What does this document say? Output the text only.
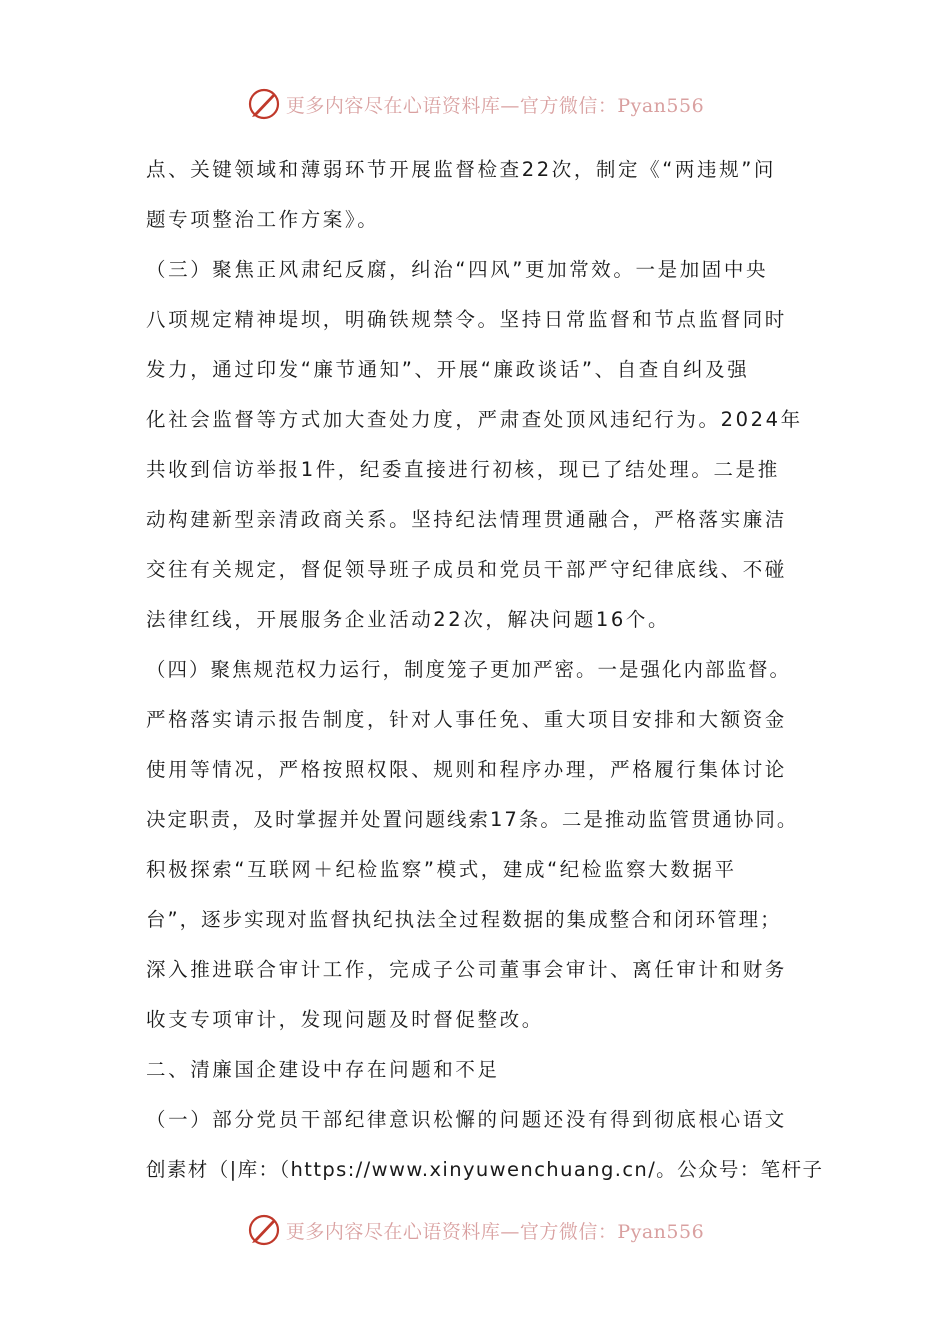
更多内容尽在心语资料库—官方微信：Pyan556
点、关键领域和薄弱环节开展监督检查22次，制定《“两违规”问
题专项整治工作方案》。
（三）聚焦正风肃纪反腐，纠治“四风”更加常效。一是加固中央
八项规定精神堤坝，明确铁规禁令。坚持日常监督和节点监督同时
发力，通过印发“廉节通知”、开展“廉政谈话”、自查自纠及强
化社会监督等方式加大查处力度，严肃查处顶风违纪行为。2024年
共收到信访举报1件，纪委直接进行初核，现已了结处理。二是推
动构建新型亲清政商关系。坚持纪法情理贯通融合，严格落实廉洁
交往有关规定，督促领导班子成员和党员干部严守纪律底线、不碰
法律红线，开展服务企业活动22次，解决问题16个。
（四）聚焦规范权力运行，制度笼子更加严密。一是强化内部监督。
严格落实请示报告制度，针对人事任免、重大项目安排和大额资金
使用等情况，严格按照权限、规则和程序办理，严格履行集体讨论
决定职责，及时掌握并处置问题线索17条。二是推动监管贯通协同。
积极探索“互联网＋纪检监察”模式，建成“纪检监察大数据平
台”，逐步实现对监督执纪执法全过程数据的集成整合和闭环管理；
深入推进联合审计工作，完成子公司董事会审计、离任审计和财务
收支专项审计，发现问题及时督促整改。
二、清廉国企建设中存在问题和不足
（一）部分党员干部纪律意识松懈的问题还没有得到彻底根心语文
创素材（|库：（https://www.xinyuwenchuang.cn/。公众号：笔杆子
更多内容尽在心语资料库—官方微信：Pyan556
